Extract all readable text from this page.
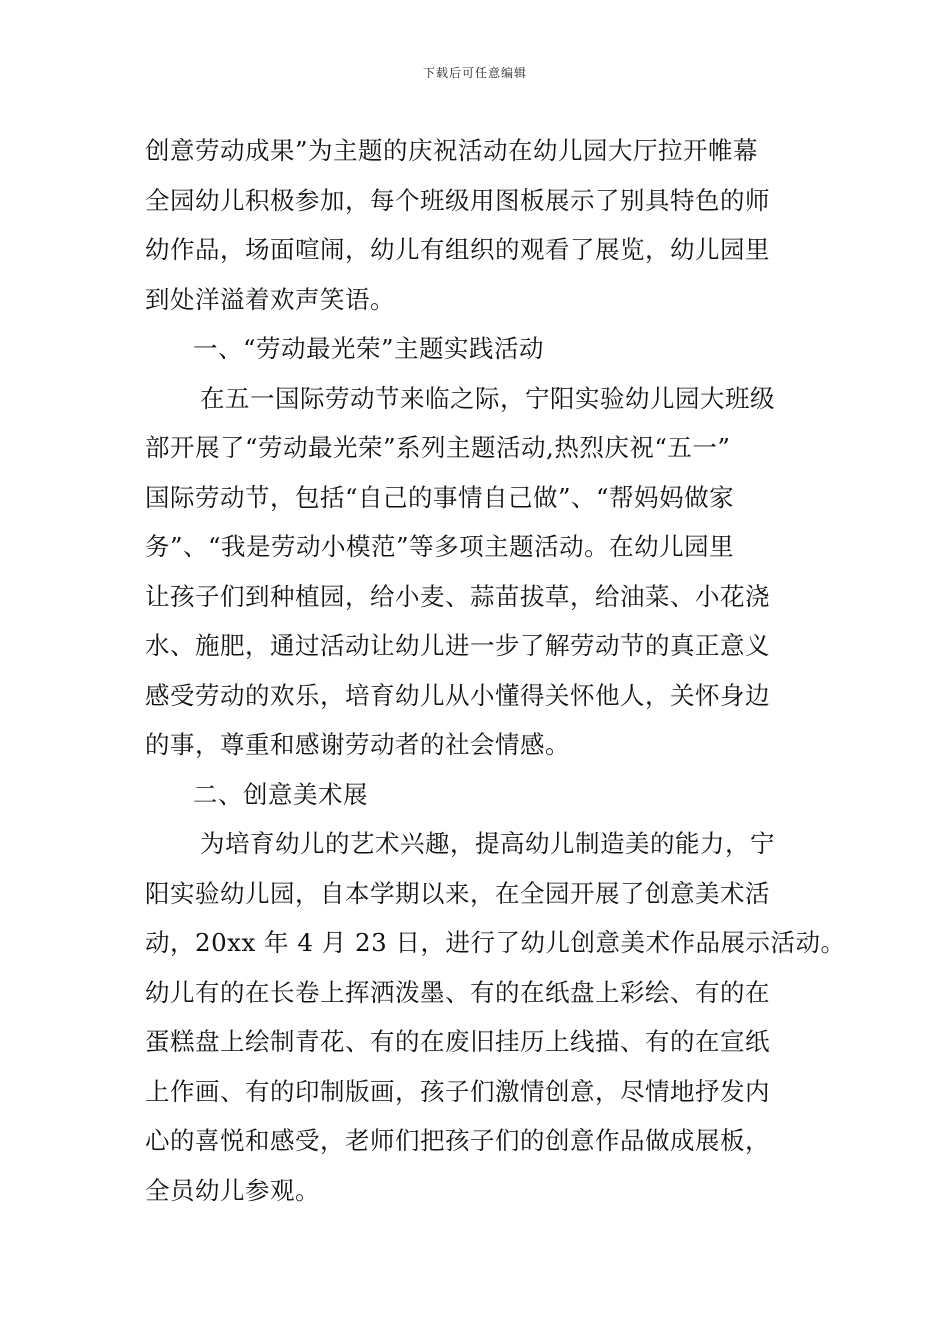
下载后可任意编辑
创意劳动成果”为主题的庆祝活动在幼儿园大厅拉开帷幕
全园幼儿积极参加，每个班级用图板展示了别具特色的师
幼作品，场面喧闹，幼儿有组织的观看了展览，幼儿园里
到处洋溢着欢声笑语。
一、“劳动最光荣”主题实践活动
在五一国际劳动节来临之际，宁阳实验幼儿园大班级
部开展了“劳动最光荣”系列主题活动,热烈庆祝“五一”
国际劳动节，包括“自己的事情自己做”、“帮妈妈做家
务”、“我是劳动小模范”等多项主题活动。在幼儿园里
让孩子们到种植园，给小麦、蒜苗拔草，给油菜、小花浇
水、施肥，通过活动让幼儿进一步了解劳动节的真正意义
感受劳动的欢乐，培育幼儿从小懂得关怀他人，关怀身边
的事，尊重和感谢劳动者的社会情感。
二、创意美术展
为培育幼儿的艺术兴趣，提高幼儿制造美的能力，宁
阳实验幼儿园，自本学期以来，在全园开展了创意美术活
动，20xx 年 4 月 23 日，进行了幼儿创意美术作品展示活动。
幼儿有的在长卷上挥洒泼墨、有的在纸盘上彩绘、有的在
蛋糕盘上绘制青花、有的在废旧挂历上线描、有的在宣纸
上作画、有的印制版画，孩子们激情创意，尽情地抒发内
心的喜悦和感受，老师们把孩子们的创意作品做成展板，
全员幼儿参观。
